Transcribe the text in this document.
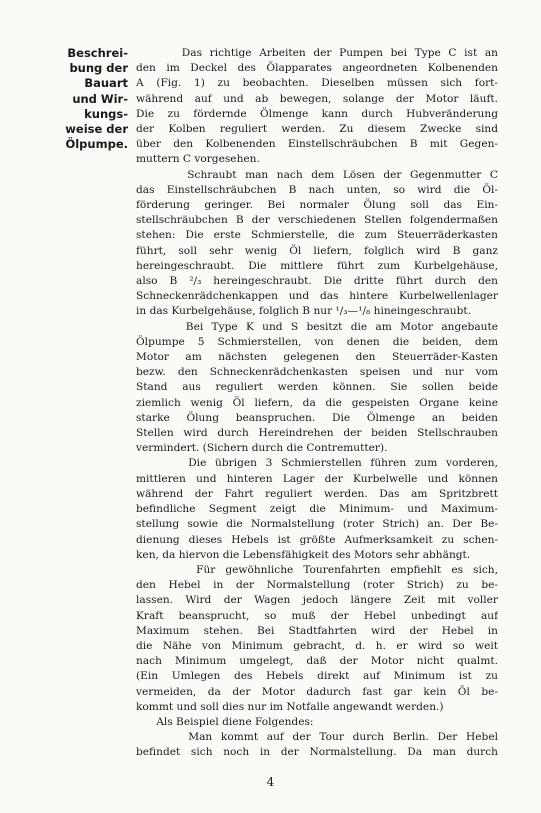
Beschrei-
bung der
Bauart
und Wir-
kungs-
weise der
Ölpumpe.
Das richtige Arbeiten der Pumpen bei Type C ist an
den im Deckel des Ölapparates angeordneten Kolbenenden
A (Fig. 1) zu beobachten. Dieselben müssen sich fort-
während auf und ab bewegen, solange der Motor läuft.
Die zu fördernde Ölmenge kann durch Hubveränderung
der Kolben reguliert werden. Zu diesem Zwecke sind
über den Kolbenenden Einstellschräubchen B mit Gegen-
muttern C vorgesehen.
Schraubt man nach dem Lösen der Gegenmutter C
das Einstellschräubchen B nach unten, so wird die Öl-
förderung geringer. Bei normaler Ölung soll das Ein-
stellschräubchen B der verschiedenen Stellen folgendermaßen
stehen: Die erste Schmierstelle, die zum Steuerräderkasten
führt, soll sehr wenig Öl liefern, folglich wird B ganz
hereingeschraubt. Die mittlere führt zum Kurbelgehäuse,
also B ²/₃ hereingeschraubt. Die dritte führt durch den
Schneckenrädchenkappen und das hintere Kurbelwellenlager
in das Kurbelgehäuse, folglich B nur ¹/₃—¹/₈ hineingeschraubt.
Bei Type K und S besitzt die am Motor angebaute
Ölpumpe 5 Schmierstellen, von denen die beiden, dem
Motor am nächsten gelegenen den Steuerräder-Kasten
bezw. den Schneckenrädchenkasten speisen und nur vom
Stand aus reguliert werden können. Sie sollen beide
ziemlich wenig Öl liefern, da die gespeisten Organe keine
starke Ölung beanspruchen. Die Ölmenge an beiden
Stellen wird durch Hereindrehen der beiden Stellschrauben
vermindert. (Sichern durch die Contremutter).
Die übrigen 3 Schmierstellen führen zum vorderen,
mittleren und hinteren Lager der Kurbelwelle und können
während der Fahrt reguliert werden. Das am Spritzbrett
befindliche Segment zeigt die Minimum- und Maximum-
stellung sowie die Normalstellung (roter Strich) an. Der Be-
dienung dieses Hebels ist größte Aufmerksamkeit zu schen-
ken, da hiervon die Lebensfähigkeit des Motors sehr abhängt.
Für gewöhnliche Tourenfahrten empfiehlt es sich,
den Hebel in der Normalstellung (roter Strich) zu be-
lassen. Wird der Wagen jedoch längere Zeit mit voller
Kraft beansprucht, so muß der Hebel unbedingt auf
Maximum stehen. Bei Stadtfahrten wird der Hebel in
die Nähe von Minimum gebracht, d. h. er wird so weit
nach Minimum umgelegt, daß der Motor nicht qualmt.
(Ein Umlegen des Hebels direkt auf Minimum ist zu
vermeiden, da der Motor dadurch fast gar kein Öl be-
kommt und soll dies nur im Notfalle angewandt werden.)
Als Beispiel diene Folgendes:
Man kommt auf der Tour durch Berlin. Der Hebel
befindet sich noch in der Normalstellung. Da man durch
4
